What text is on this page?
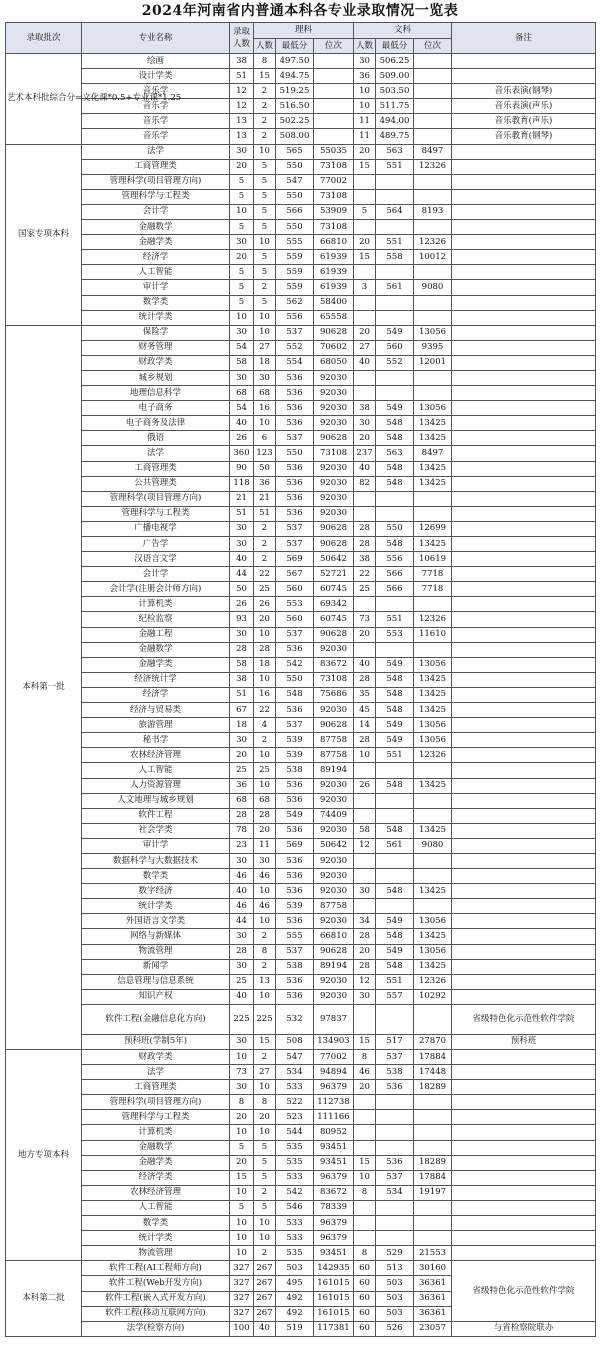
2024年河南省内普通本科各专业录取情况一览表
录取批次	专业名称	录取人数	理科			文科			备注
			人数	最低分	位次	人数	最低分	位次	
艺术本科批综合分=文化课*0.5+专业课*1.25	绘画	38	8	497.50		30	506.25		
	设计学类	51	15	494.75		36	509.00		
	音乐学	12	2	519.25		10	503.50		音乐表演(钢琴)
	音乐学	12	2	516.50		10	511.75		音乐表演(声乐)
	音乐学	13	2	502.25		11	494.00		音乐教育(声乐)
	音乐学	13	2	508.00		11	489.75		音乐教育(钢琴)
国家专项本科	法学	30	10	565	55035	20	563	8497	
	工商管理类	20	5	550	73108	15	551	12326	
	管理科学(项目管理方向)	5	5	547	77002				
	管理科学与工程类	5	5	550	73108				
	会计学	10	5	566	53909	5	564	8193	
	金融数学	5	5	550	73108				
	金融学类	30	10	555	66810	20	551	12326	
	经济学	20	5	559	61939	15	558	10012	
	人工智能	5	5	559	61939				
	审计学	5	2	559	61939	3	561	9080	
	数学类	5	5	562	58400				
	统计学类	10	10	556	65558				
本科第一批	保险学	30	10	537	90628	20	549	13056	
	财务管理	54	27	552	70602	27	560	9395	
	财政学类	58	18	554	68050	40	552	12001	
	城乡规划	30	30	536	92030				
	地理信息科学	68	68	536	92030				
	电子商务	54	16	536	92030	38	549	13056	
	电子商务及法律	40	10	536	92030	30	548	13425	
	俄语	26	6	537	90628	20	548	13425	
	法学	360	123	550	73108	237	563	8497	
	工商管理类	90	50	536	92030	40	548	13425	
	公共管理类	118	36	536	92030	82	548	13425	
	管理科学(项目管理方向)	21	21	536	92030				
	管理科学与工程类	51	51	536	92030				
	广播电视学	30	2	537	90628	28	550	12699	
	广告学	30	2	537	90628	28	548	13425	
	汉语言文学	40	2	569	50642	38	556	10619	
	会计学	44	22	567	52721	22	566	7718	
	会计学(注册会计师方向)	50	25	560	60745	25	566	7718	
	计算机类	26	26	553	69342				
	纪检监察	93	20	560	60745	73	551	12326	
	金融工程	30	10	537	90628	20	553	11610	
	金融数学	28	28	536	92030				
	金融学类	58	18	542	83672	40	549	13056	
	经济统计学	38	10	550	73108	28	548	13425	
	经济学	51	16	548	75686	35	548	13425	
	经济与贸易类	67	22	536	92030	45	548	13425	
	旅游管理	18	4	537	90628	14	549	13056	
	秘书学	30	2	539	87758	28	549	13056	
	农林经济管理	20	10	539	87758	10	551	12326	
	人工智能	25	25	538	89194				
	人力资源管理	36	10	536	92030	26	548	13425	
	人文地理与城乡规划	68	68	536	92030				
	软件工程	28	28	549	74409				
	社会学类	78	20	536	92030	58	548	13425	
	审计学	23	11	569	50642	12	561	9080	
	数据科学与大数据技术	30	30	536	92030				
	数学类	46	46	536	92030				
	数字经济	40	10	536	92030	30	548	13425	
	统计学类	46	46	539	87758				
	外国语言文学类	44	10	536	92030	34	549	13056	
	网络与新媒体	30	2	555	66810	28	548	13425	
	物流管理	28	8	537	90628	20	549	13056	
	新闻学	30	2	538	89194	28	548	13425	
	信息管理与信息系统	25	13	536	92030	12	551	12326	
	知识产权	40	10	536	92030	30	557	10292	
	软件工程(金融信息化方向)	225	225	532	97837				省级特色化示范性软件学院
	预科班(学制5年)	30	15	508	134903	15	517	27870	预科班
地方专项本科	财政学类	10	2	547	77002	8	537	17884	
	法学	73	27	534	94894	46	538	17448	
	工商管理类	30	10	533	96379	20	536	18289	
	管理科学(项目管理方向)	8	8	522	112738				
	管理科学与工程类	20	20	523	111166				
	计算机类	10	10	544	80952				
	金融数学	5	5	535	93451				
	金融学类	20	5	535	93451	15	536	18289	
	经济学类	15	5	533	96379	10	537	17884	
	农林经济管理	10	2	542	83672	8	534	19197	
	人工智能	5	5	546	78339				
	数学类	10	10	533	96379				
	统计学类	10	10	533	96379				
	物流管理	10	2	535	93451	8	529	21553	
本科第二批	软件工程(AI工程师方向)	327	267	503	142935	60	513	30160	省级特色化示范性软件学院
	软件工程(Web开发方向)	327	267	495	161015	60	503	36361	
	软件工程(嵌入式开发方向)	327	267	492	161015	60	503	36361	
	软件工程(移动互联网方向)	327	267	492	161015	60	503	36361	
	法学(检察方向)	100	40	519	117381	60	526	23057	与省检察院联办
